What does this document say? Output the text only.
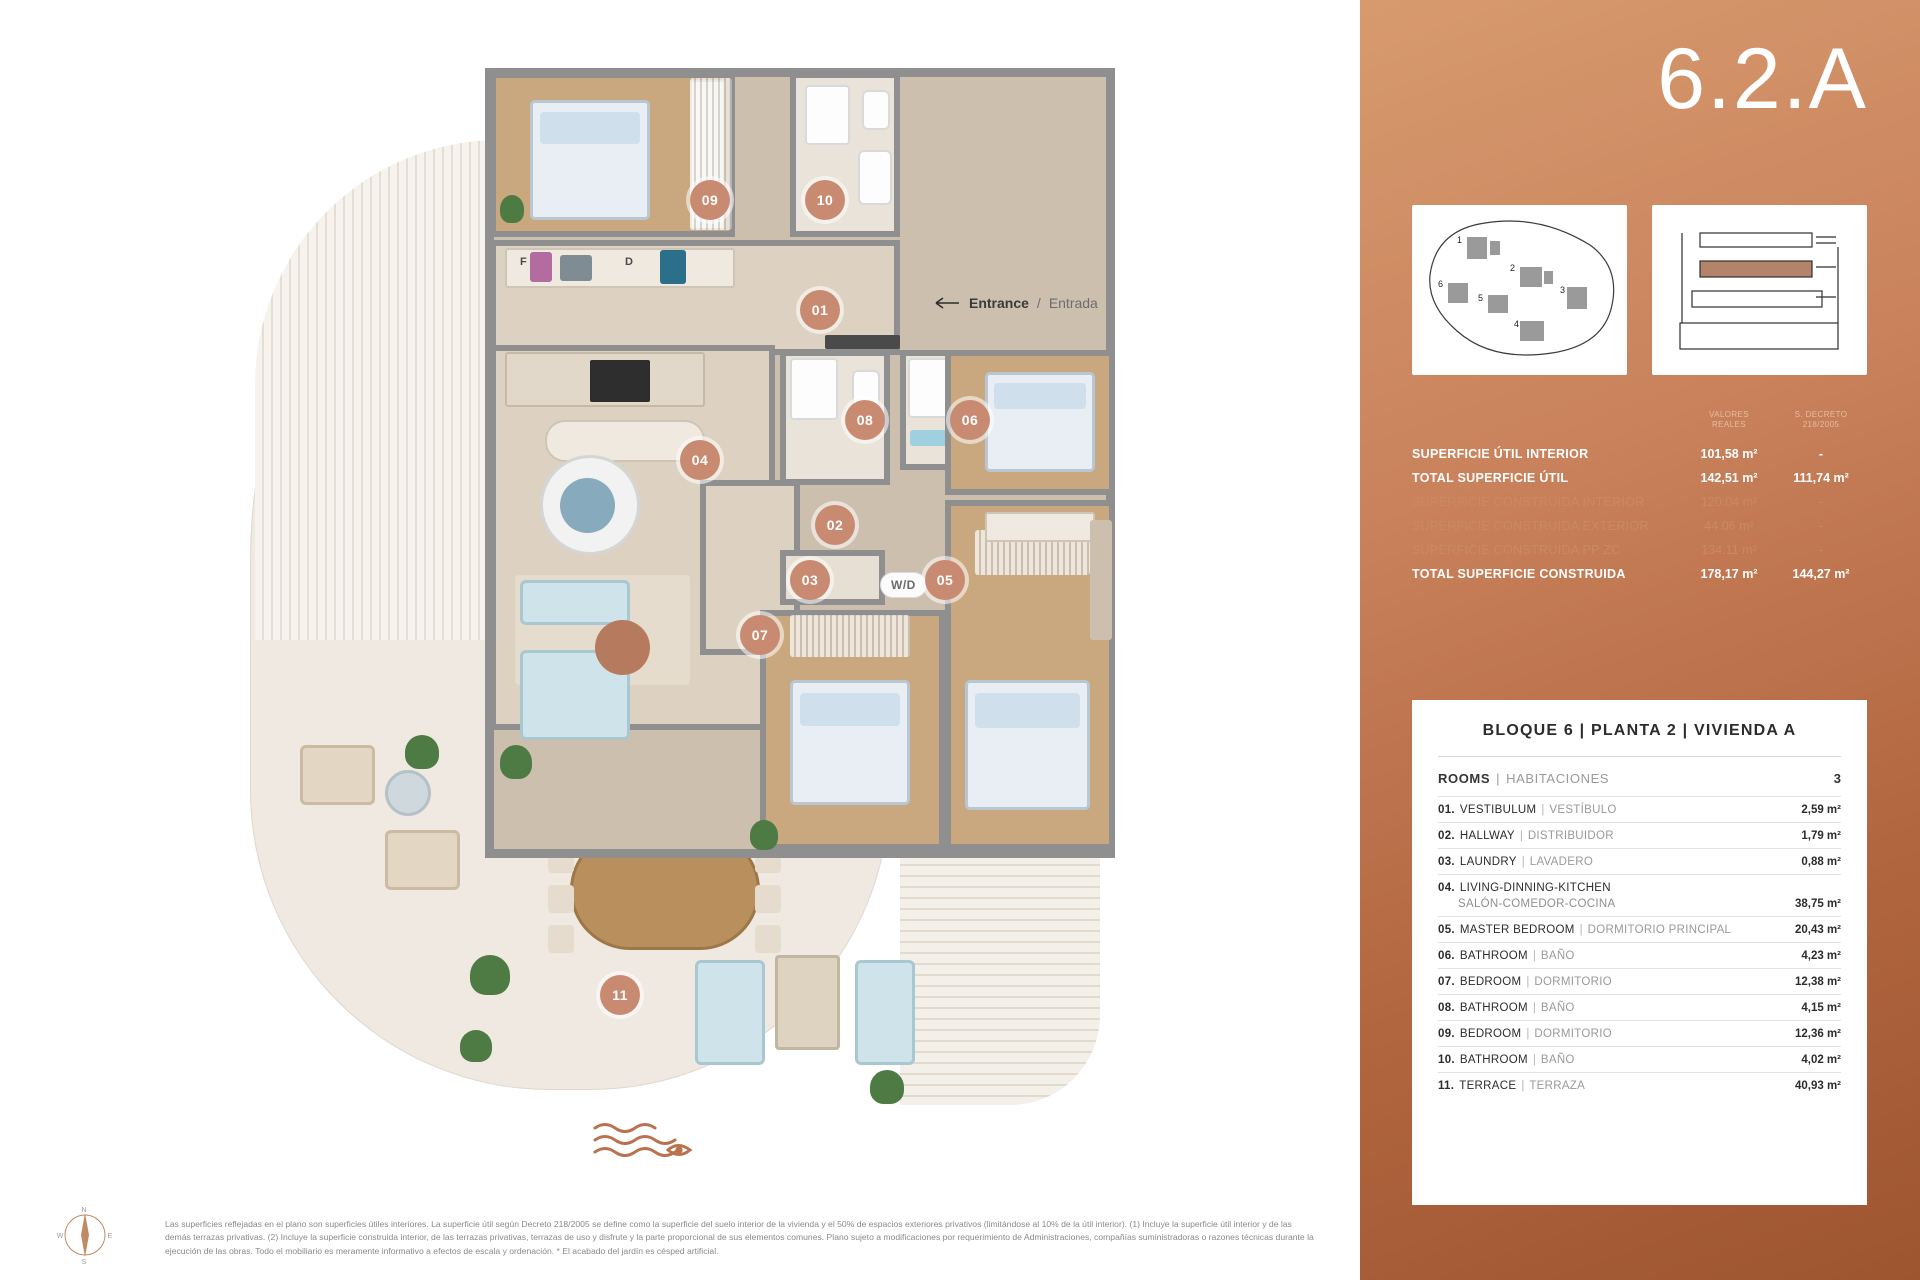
W/D
01
02
03
04
05
06
07
08
09	10
11
F	D
Entrance / Entrada
N
S
E
W
Las superficies reflejadas en el plano son superficies útiles interiores. La superficie útil según Decreto 218/2005 se define como la superficie del suelo interior de la vivienda y el 50% de espacios exteriores privativos (limitándose al 10% de la útil interior). (1) Incluye la superficie útil interior y de las demás terrazas privativas. (2) Incluye la superficie construida interior, de las terrazas privativas, terrazas de uso y disfrute y la parte proporcional de sus elementos comunes. Plano sujeto a modificaciones por requerimiento de Administraciones, compañías suministradoras o razones técnicas durante la ejecución de las obras. Todo el mobiliario es meramente informativo a efectos de escala y ordenación. * El acabado del jardín es césped artificial.
6.2.A
1
2
3
4
5
6
VALORES
REALES
S. DECRETO
218/2005
SUPERFICIE ÚTIL INTERIOR	101,58 m²	-
TOTAL SUPERFICIE ÚTIL	142,51 m²	111,74 m²
SUPERFICIE CONSTRUIDA INTERIOR	120.04 m²	-
SUPERFICIE CONSTRUIDA EXTERIOR	44.06 m²	-
SUPERFICIE CONSTRUIDA PP ZC	134.11 m²	-
TOTAL SUPERFICIE CONSTRUIDA	178,17 m²	144,27 m²
BLOQUE 6 | PLANTA 2 | VIVIENDA A
ROOMS | HABITACIONES	3
01. VESTIBULUM | VESTÍBULO	2,59 m²
02. HALLWAY | DISTRIBUIDOR	1,79 m²
03. LAUNDRY | LAVADERO	0,88 m²
04. LIVING-DINNING-KITCHEN
SALÓN-COMEDOR-COCINA	38,75 m²
05. MASTER BEDROOM | DORMITORIO PRINCIPAL	20,43 m²
06. BATHROOM | BAÑO	4,23 m²
07. BEDROOM | DORMITORIO	12,38 m²
08. BATHROOM | BAÑO	4,15 m²
09. BEDROOM | DORMITORIO	12,36 m²
10. BATHROOM | BAÑO	4,02 m²
11. TERRACE | TERRAZA	40,93 m²
